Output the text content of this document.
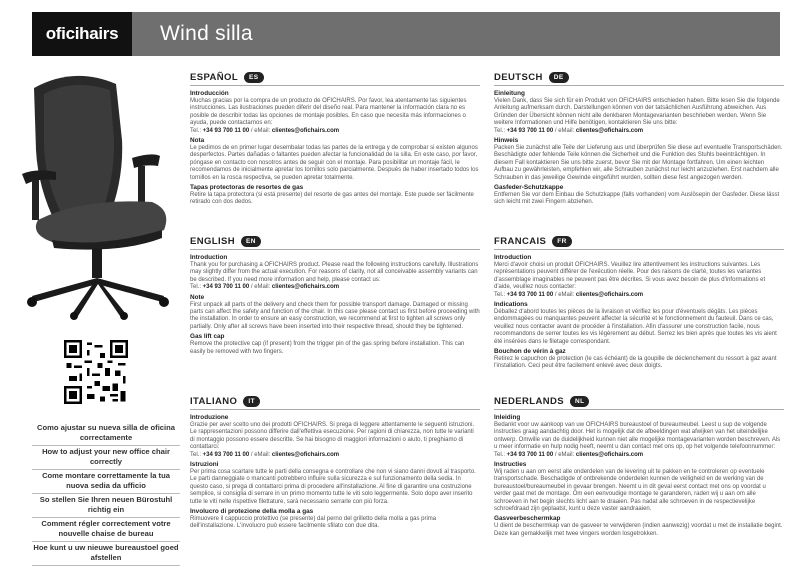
oficihairs	Wind silla
Como ajustar su nueva silla de oficina correctamente
How to adjust your new office chair correctly
Come montare correttamente la tua nuova sedia da ufficio
So stellen Sie Ihren neuen Bürostuhl richtig ein
Comment régler correctement votre nouvelle chaise de bureau
Hoe kunt u uw nieuwe bureaustoel goed afstellen
ESPAÑOL	ES
Introducción
Muchas gracias por la compra de un producto de OFICHAIRS. Por favor, lea atentamente las siguientes instrucciones. Las ilustraciones pueden diferir del diseño real. Para mantener la información clara no es posible de describir todas las opciones de montaje posibles. En caso que necesita más informaciones o ayuda, puede contactarnos en:
Tel.: +34 93 700 11 00 / eMail: clientes@ofichairs.com
Nota
Le pedimos de en primer lugar desembalar todas las partes de la entrega y de comprobar si existen algunos desperfectos. Partes dañadas o faltantes pueden afectar la funcionalidad de la silla. En este caso, por favor, póngase en contacto con nosotros antes de seguir con el montaje. Para posibilitar un montaje fácil, le recomendamos de inicialmente apretar los tornillos solo parcialmente. Después de haber insertado todos los tornillos en la rosca respectiva, se pueden apretar totalmente.
Tapas protectoras de resortes de gas
Retire la tapa protectora (si está presente) del resorte de gas antes del montaje. Este puede ser fácilmente retirado con dos dedos.
ENGLISH	EN
Introduction
Thank you for purchasing a OFICHAIRS product. Please read the following instructions carefully. Illustrations may slightly differ from the actual execution. For reasons of clarity, not all conceivable assembly variants can be described. If you need more information and help, please contact us:
Tel.: +34 93 700 11 00 / eMail: clientes@ofichairs.com
Note
First unpack all parts of the delivery and check them for possible transport damage. Damaged or missing parts can affect the safety and function of the chair. In this case please contact us first before proceeding with the installation. In order to ensure an easy construction, we recommend at first to tighten all screws only partially. Only after all screws have been inserted into their respective thread, should they be tightened.
Gas lift cap
Remove the protective cap (if present) from the trigger pin of the gas spring before installation. This can easily be removed with two fingers.
ITALIANO	IT
Introduzione
Grazie per aver scelto uno dei prodotti OFICHAIRS. Si prega di leggere attentamente le seguenti istruzioni. Le rappresentazioni possono differire dall'effettiva esecuzione. Per ragioni di chiarezza, non tutte le varianti di montaggio possono essere descritte. Se hai bisogno di maggiori informazioni o aiuto, ti preghiamo di contattarci:
Tel.: +34 93 700 11 00 / eMail: clientes@ofichairs.com
Istruzioni
Per prima cosa scartare tutte le parti della consegna e controllare che non vi siano danni dovuti al trasporto. Le parti danneggiate o mancanti potrebbero influire sulla sicurezza e sul funzionamento della sedia. In questo caso, si prega di contattarci prima di procedere all'installazione. Al fine di garantire una costruzione semplice, si consiglia di serrare in un primo momento tutte le viti solo leggermente. Solo dopo aver inserito tutte le viti nelle rispettive filettature, sarà necessario serrarle con più forza.
Involucro di protezione della molla a gas
Rimuovere il cappuccio protettivo (se presente) dal perno del grilletto della molla a gas prima dell'installazione. L'involucro può essere facilmente sfilato con due dita.
DEUTSCH	DE
Einleitung
Vielen Dank, dass Sie sich für ein Produkt von OFICHAIRS entschieden haben. Bitte lesen Sie die folgende Anleitung aufmerksam durch. Darstellungen können von der tatsächlichen Ausführung abweichen. Aus Gründen der Übersicht können nicht alle denkbaren Montagevarianten beschrieben werden. Wenn Sie weitere Informationen und Hilfe benötigen, kontaktieren Sie uns bitte:
Tel.: +34 93 700 11 00 / eMail: clientes@ofichairs.com
Hinweis
Packen Sie zunächst alle Teile der Lieferung aus und überprüfen Sie diese auf eventuelle Transportschäden. Beschädigte oder fehlende Teile können die Sicherheit und die Funktion des Stuhls beeinträchtigen. In diesem Fall kontaktieren Sie uns bitte zuerst, bevor Sie mit der Montage fortfahren. Um einen leichten Aufbau zu gewährleisten, empfehlen wir, alle Schrauben zunächst nur leicht anzuziehen. Erst nachdem alle Schrauben in das jeweilige Gewinde eingeführt wurden, sollten diese fest angezogen werden.
Gasfeder-Schutzkappe
Entfernen Sie vor dem Einbau die Schutzkappe (falls vorhanden) vom Auslösepin der Gasfeder. Diese lässt sich leicht mit zwei Fingern abziehen.
FRANCAIS	FR
Introduction
Merci d'avoir choisi un produit OFICHAIRS. Veuillez lire attentivement les instructions suivantes. Les représentations peuvent différer de l'exécution réelle. Pour des raisons de clarté, toutes les variantes d'assemblage imaginables ne peuvent pas être décrites. Si vous avez besoin de plus d'informations et d'aide, veuillez nous contacter:
Tel.: +34 93 700 11 00 / eMail: clientes@ofichairs.com
Indications
Déballez d'abord toutes les pièces de la livraison et vérifiez les pour d'éventuels dégâts. Les pièces endommagées ou manquantes peuvent affecter la sécurité et le fonctionnement du fauteuil. Dans ce cas, veuillez nous contacter avant de procéder à l'installation. Afin d'assurer une construction facile, nous recommandons de serrer toutes les vis légèrement au début. Serrez les bien après que toutes les vis aient été insérées dans le filetage correspondant.
Bouchon de vérin à gaz
Retirez le capuchon de protection (le cas échéant) de la goupille de déclenchement du ressort à gaz avant l'installation. Ceci peut être facilement enlevé avec deux doigts.
NEDERLANDS	NL
Inleiding
Bedankt voor uw aankoop van uw OFICHAIRS bureaustoel of bureaumeubel. Leest u sup de volgende instructies graag aandachtig door. Het is mogelijk dat de afbeeldingen wat afwijken van het uiteindelijke ontwerp. Omwille van de duidelijkheid kunnen niet alle mogelijke montagevarianten worden beschreven. Als u meer informatie en hulp nodig heeft, neemt u dan contact met ons op, op het volgende telefoonnummer:
Tel.: +34 93 700 11 00 / eMail: clientes@ofichairs.com
Instructies
Wij raden u aan om eerst alle onderdelen van de levering uit te pakken en te controleren op eventuele transportschade. Beschadigde of ontbrekende onderdelen kunnen de veiligheid en de werking van de bureaustoel/bureaumeubel in gevaar brengen. Neemt u in dit geval eerst contact met ons op voordat u verder gaat met de montage. Om een eenvoudige montage te garanderen, raden wij u aan om alle schroeven in het begin slechts licht aan te draaien. Pas nadat alle schroeven in de respectievelijke schroefdraad zijn geplaatst, kunt u deze vaster aandraaien.
Gasveerbeschermkap
U dient de beschermkap van de gasveer te verwijderen (indien aanwezig) voordat u met de installatie begint. Deze kan gemakkelijk met twee vingers worden losgetrokken.
